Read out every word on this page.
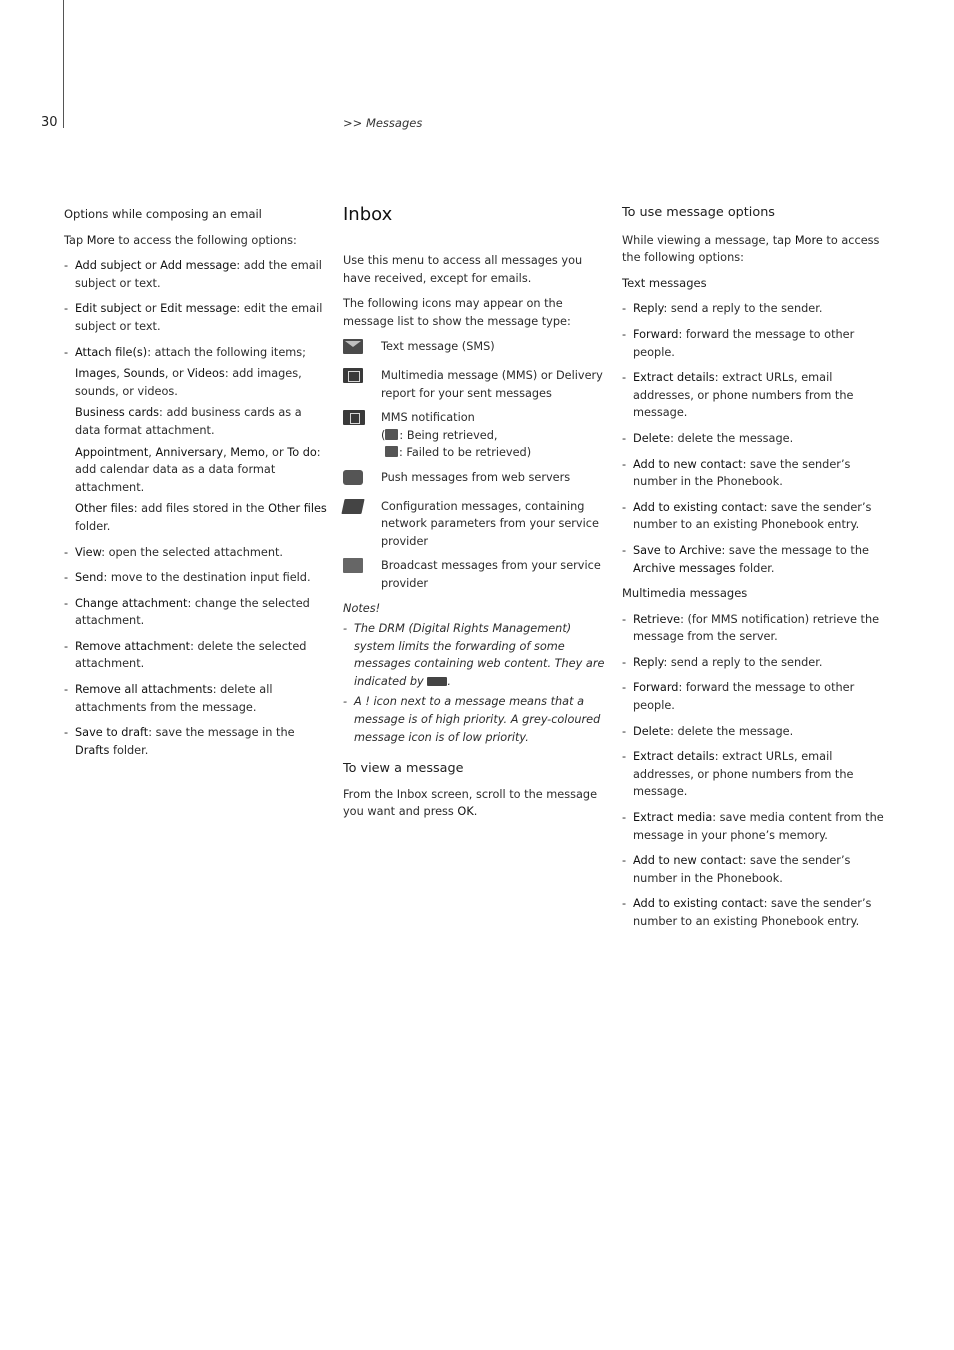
30	>> Messages
Options while composing an email

Tap More to access the following options:

- Add subject or Add message: add the email subject or text.
- Edit subject or Edit message: edit the email subject or text.
- Attach file(s): attach the following items;
Images, Sounds, or Videos: add images, sounds, or videos.
Business cards: add business cards as a data format attachment.
Appointment, Anniversary, Memo, or To do: add calendar data as a data format attachment.
Other files: add files stored in the Other files folder.
- View: open the selected attachment.
- Send: move to the destination input field.
- Change attachment: change the selected attachment.
- Remove attachment: delete the selected attachment.
- Remove all attachments: delete all attachments from the message.
- Save to draft: save the message in the Drafts folder.
Inbox

Use this menu to access all messages you have received, except for emails.

The following icons may appear on the message list to show the message type:

Text message (SMS)
Multimedia message (MMS) or Delivery report for your sent messages
MMS notification
( : Being retrieved,
: Failed to be retrieved)
Push messages from web servers
Configuration messages, containing network parameters from your service provider
Broadcast messages from your service provider
Notes!
- The DRM (Digital Rights Management) system limits the forwarding of some messages containing web content. They are indicated by .
- A ! icon next to a message means that a message is of high priority. A grey-coloured message icon is of low priority.
To view a message

From the Inbox screen, scroll to the message you want and press OK.

To use message options

While viewing a message, tap More to access the following options:

Text messages
- Reply: send a reply to the sender.
- Forward: forward the message to other people.
- Extract details: extract URLs, email addresses, or phone numbers from the message.
- Delete: delete the message.
- Add to new contact: save the sender’s number in the Phonebook.
- Add to existing contact: save the sender’s number to an existing Phonebook entry.
- Save to Archive: save the message to the Archive messages folder.
Multimedia messages
- Retrieve: (for MMS notification) retrieve the message from the server.
- Reply: send a reply to the sender.
- Forward: forward the message to other people.
- Delete: delete the message.
- Extract details: extract URLs, email addresses, or phone numbers from the message.
- Extract media: save media content from the message in your phone’s memory.
- Add to new contact: save the sender’s number in the Phonebook.
- Add to existing contact: save the sender’s number to an existing Phonebook entry.
